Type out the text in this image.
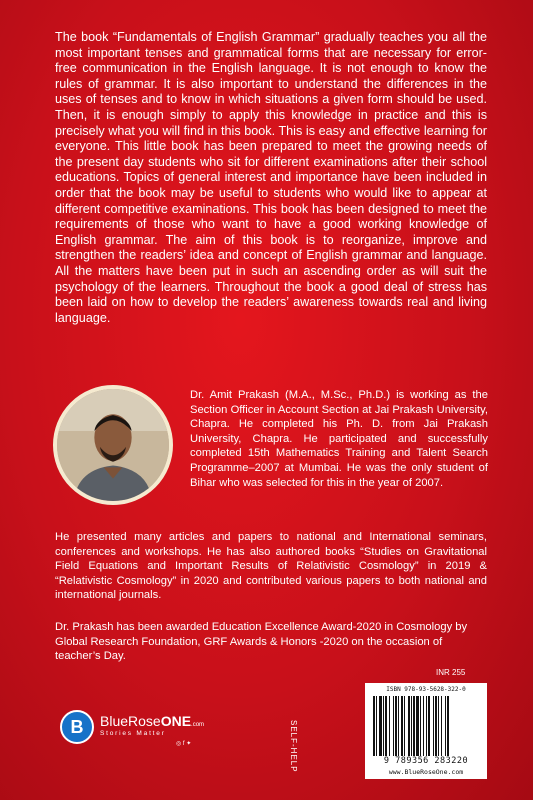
The book “Fundamentals of English Grammar” gradually teaches you all the most important tenses and grammatical forms that are necessary for error-free communication in the English language. It is not enough to know the rules of grammar. It is also important to understand the differences in the uses of tenses and to know in which situations a given form should be used. Then, it is enough simply to apply this knowledge in practice and this is precisely what you will find in this book. This is easy and effective learning for everyone. This little book has been prepared to meet the growing needs of the present day students who sit for different examinations after their school educations. Topics of general interest and importance have been included in order that the book may be useful to students who would like to appear at different competitive examinations. This book has been designed to meet the requirements of those who want to have a good working knowledge of English grammar. The aim of this book is to reorganize, improve and strengthen the readers’ idea and concept of English grammar and language. All the matters have been put in such an ascending order as will suit the psychology of the learners. Throughout the book a good deal of stress has been laid on how to develop the readers’ awareness towards real and living language.

Dr. Amit Prakash (M.A., M.Sc., Ph.D.) is working as the Section Officer in Account Section at Jai Prakash University, Chapra. He completed his Ph. D. from Jai Prakash University, Chapra. He participated and successfully completed 15th Mathematics Training and Talent Search Programme–2007 at Mumbai. He was the only student of Bihar who was selected for this in the year of 2007.

He presented many articles and papers to national and International seminars, conferences and workshops. He has also authored books “Studies on Gravitational Field Equations and Important Results of Relativistic Cosmology” in 2019 & “Relativistic Cosmology” in 2020 and contributed various papers to both national and international journals.

Dr. Prakash has been awarded Education Excellence Award-2020 in Cosmology by Global Research Foundation, GRF Awards & Honors -2020 on the occasion of teacher’s Day.

INR 255
SELF-HELP
ISBN 978-93-5628-322-0
9 789356 283220
www.BlueRoseOne.com
B	BlueRoseONE.com
Stories Matter
◎ f ✦
